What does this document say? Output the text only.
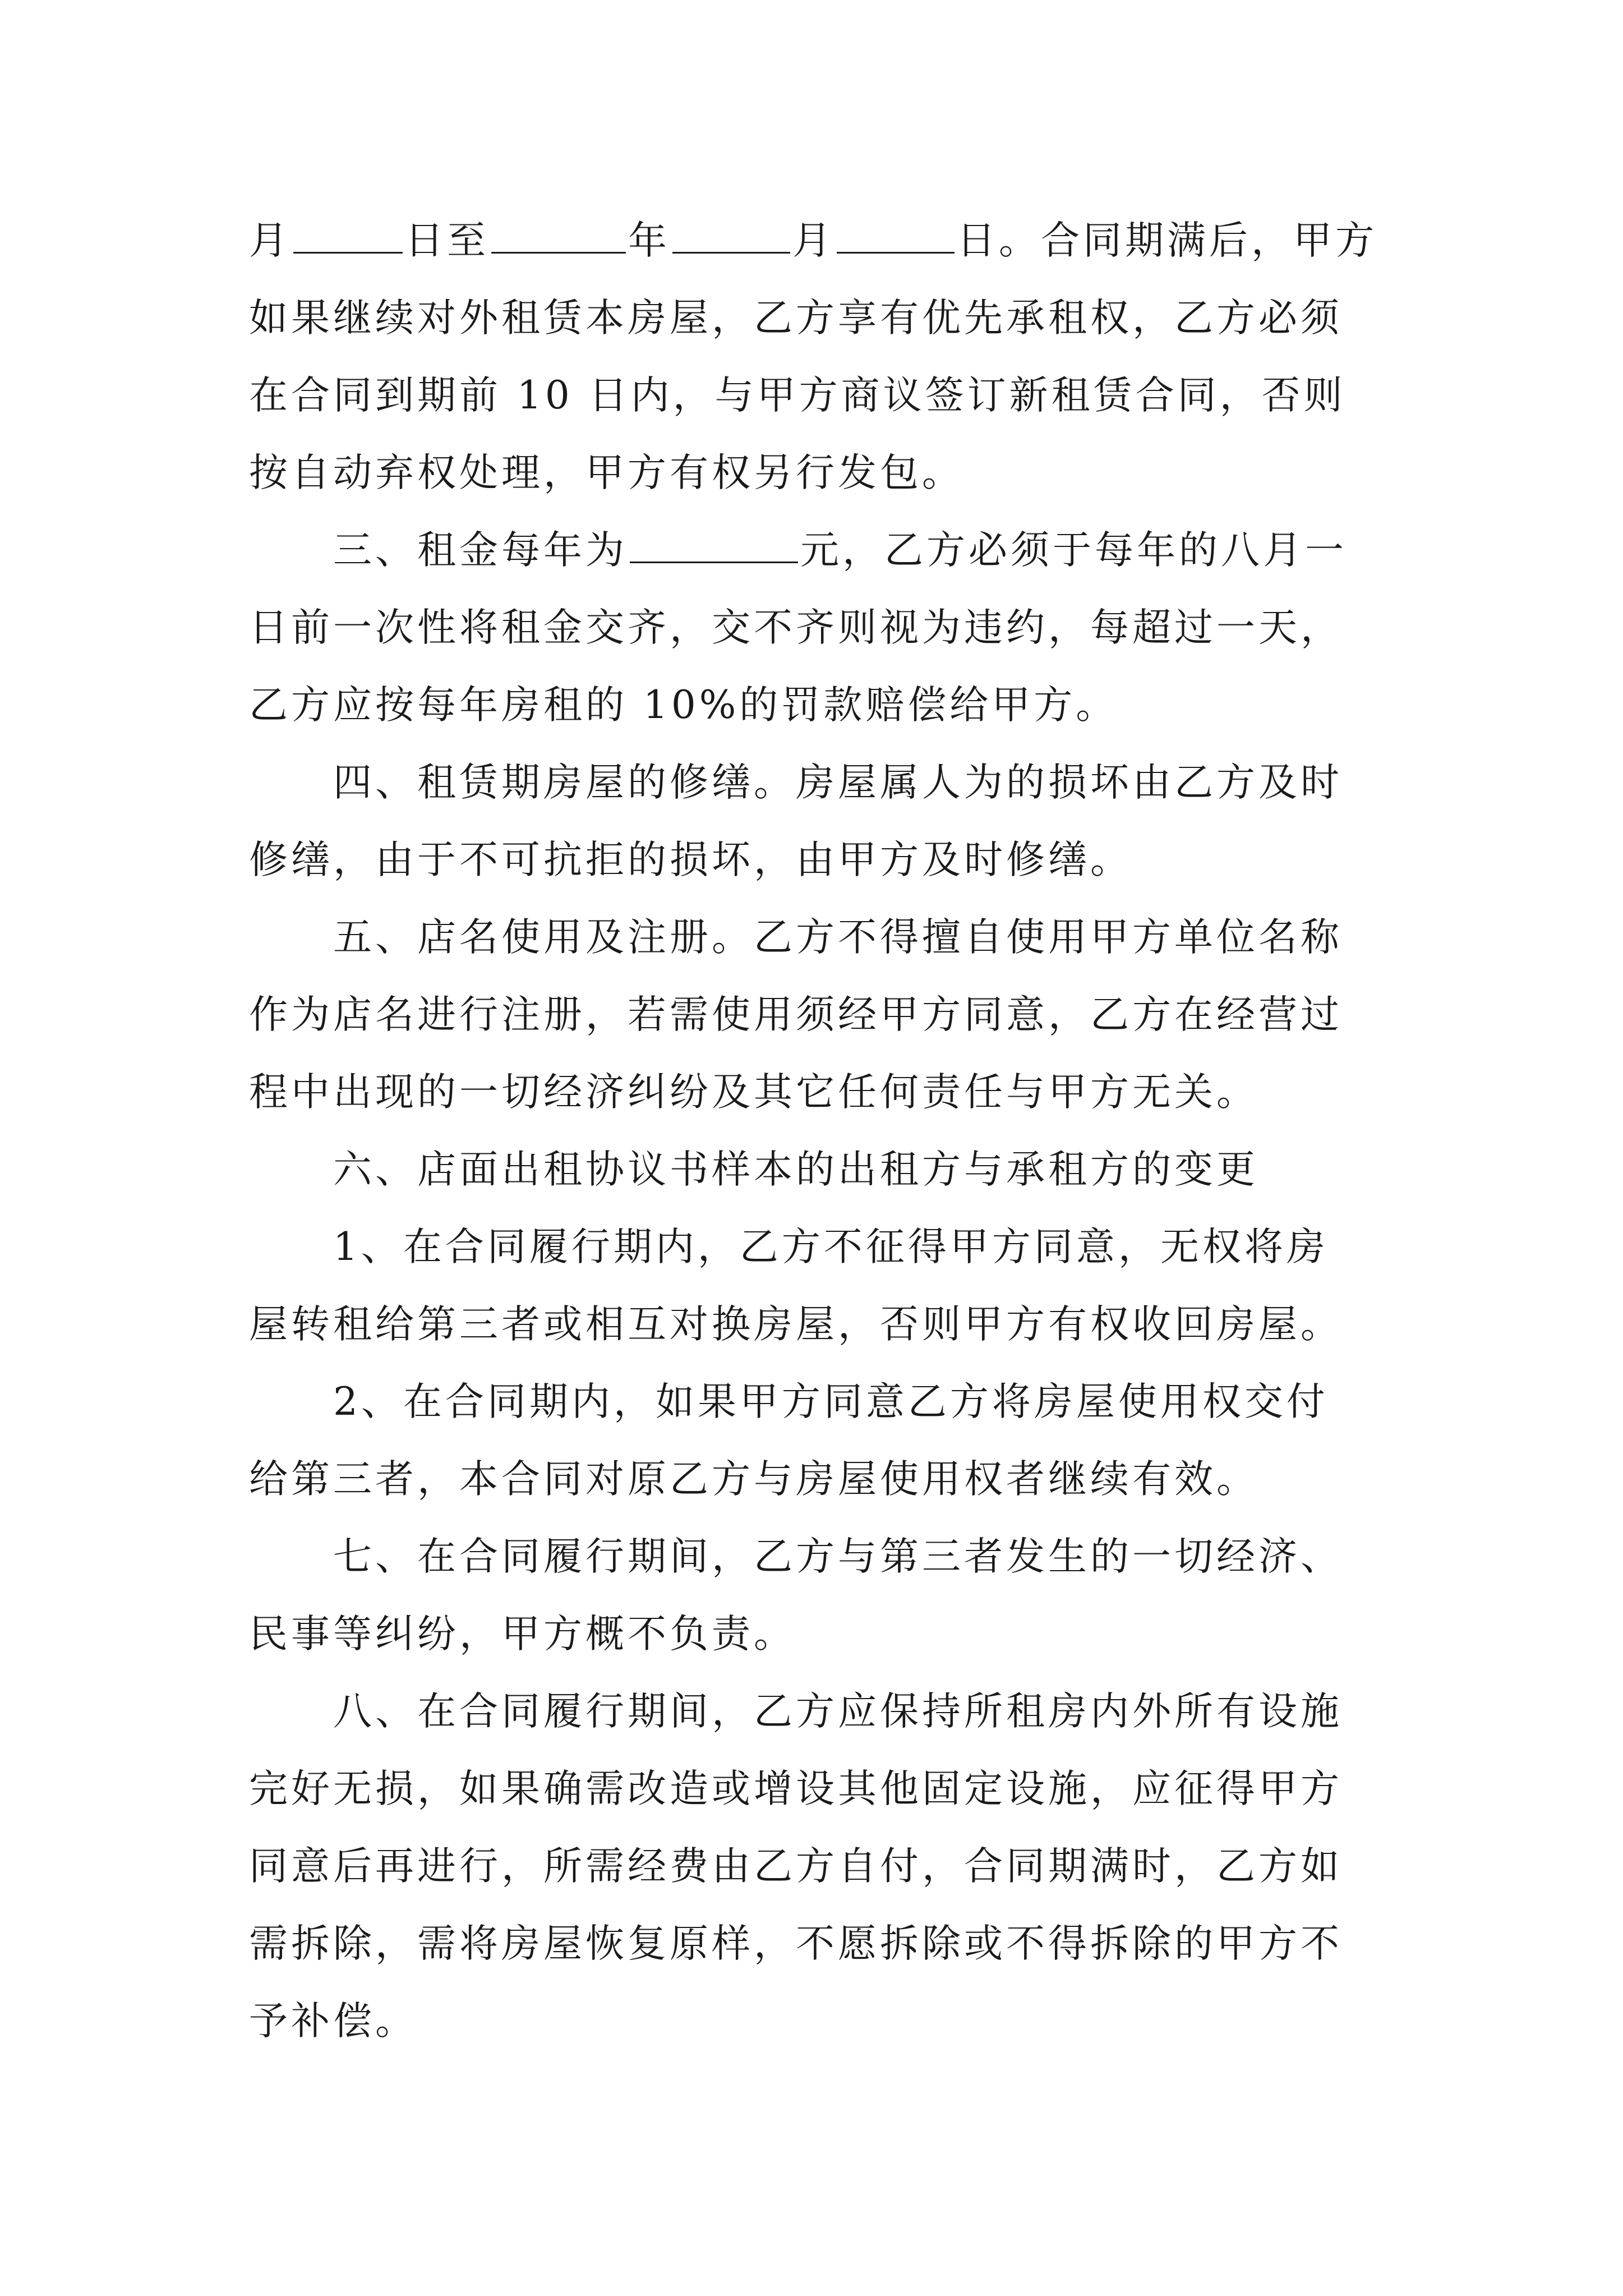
月	日至	年	月	日。合同期满后，甲方
如果继续对外租赁本房屋，乙方享有优先承租权，乙方必须
在合同到期前 10 日内，与甲方商议签订新租赁合同，否则
按自动弃权处理，甲方有权另行发包。

三、租金每年为	元，乙方必须于每年的八月一
日前一次性将租金交齐，交不齐则视为违约，每超过一天，
乙方应按每年房租的 10%的罚款赔偿给甲方。

四、租赁期房屋的修缮。房屋属人为的损坏由乙方及时
修缮，由于不可抗拒的损坏，由甲方及时修缮。

五、店名使用及注册。乙方不得擅自使用甲方单位名称
作为店名进行注册，若需使用须经甲方同意，乙方在经营过
程中出现的一切经济纠纷及其它任何责任与甲方无关。

六、店面出租协议书样本的出租方与承租方的变更

1、在合同履行期内，乙方不征得甲方同意，无权将房
屋转租给第三者或相互对换房屋，否则甲方有权收回房屋。

2、在合同期内，如果甲方同意乙方将房屋使用权交付
给第三者，本合同对原乙方与房屋使用权者继续有效。

七、在合同履行期间，乙方与第三者发生的一切经济、
民事等纠纷，甲方概不负责。

八、在合同履行期间，乙方应保持所租房内外所有设施
完好无损，如果确需改造或增设其他固定设施，应征得甲方
同意后再进行，所需经费由乙方自付，合同期满时，乙方如
需拆除，需将房屋恢复原样，不愿拆除或不得拆除的甲方不
予补偿。
